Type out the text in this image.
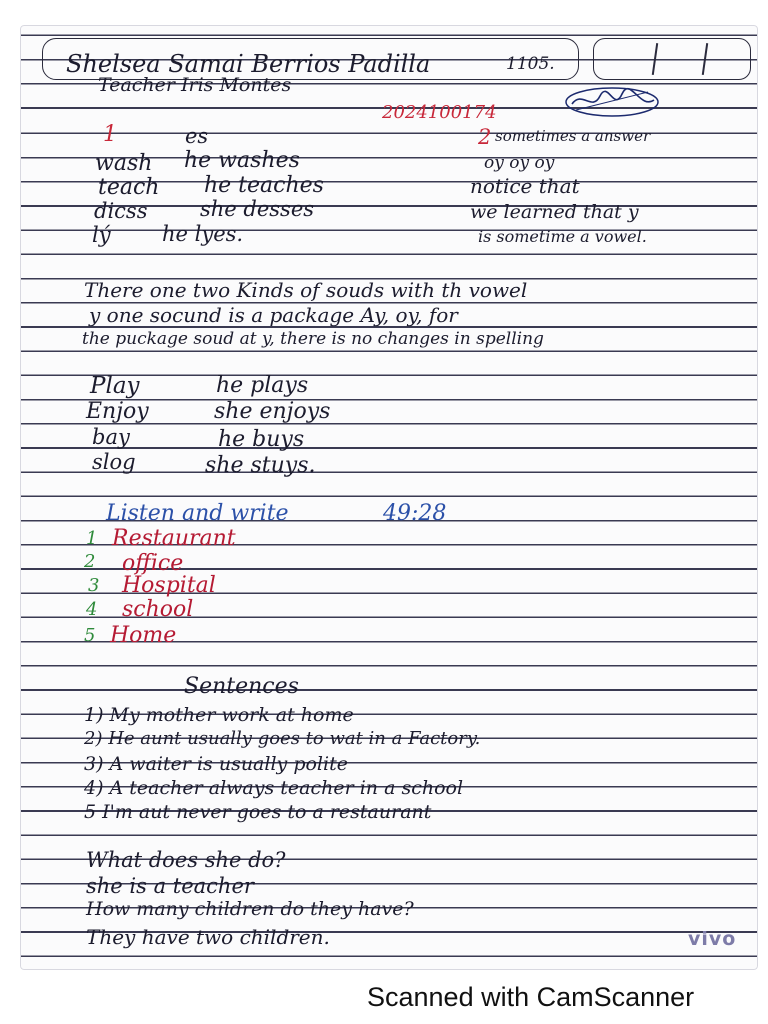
Shelsea Samai Berrios Padilla	1105.
Teacher Iris Montes
2024100174
1	es
wash he washes
teach he teaches
dicss	she desses
lý he lyes.
2 sometimes a answer
oy oy oy
notice that
we learned that y
is sometime a vowel.
There one two Kinds of souds with th vowel
y one socund is a package Ay, oy, for
the puckage soud at y, there is no changes in spelling
Play	he plays
Enjoy	she enjoys
bay	he buys
slog	she stuys.
Listen and write	49:28
1 Restaurant
2 office
3 Hospital
4 school
5 Home
Sentences
1) My mother work at home
2) He aunt usually goes to wat in a Factory.
3) A waiter is usually polite
4) A teacher always teacher in a school
5 I'm aut never goes to a restaurant
What does she do?
she is a teacher
How many children do they have?
They have two children.	vivo
Scanned with CamScanner
